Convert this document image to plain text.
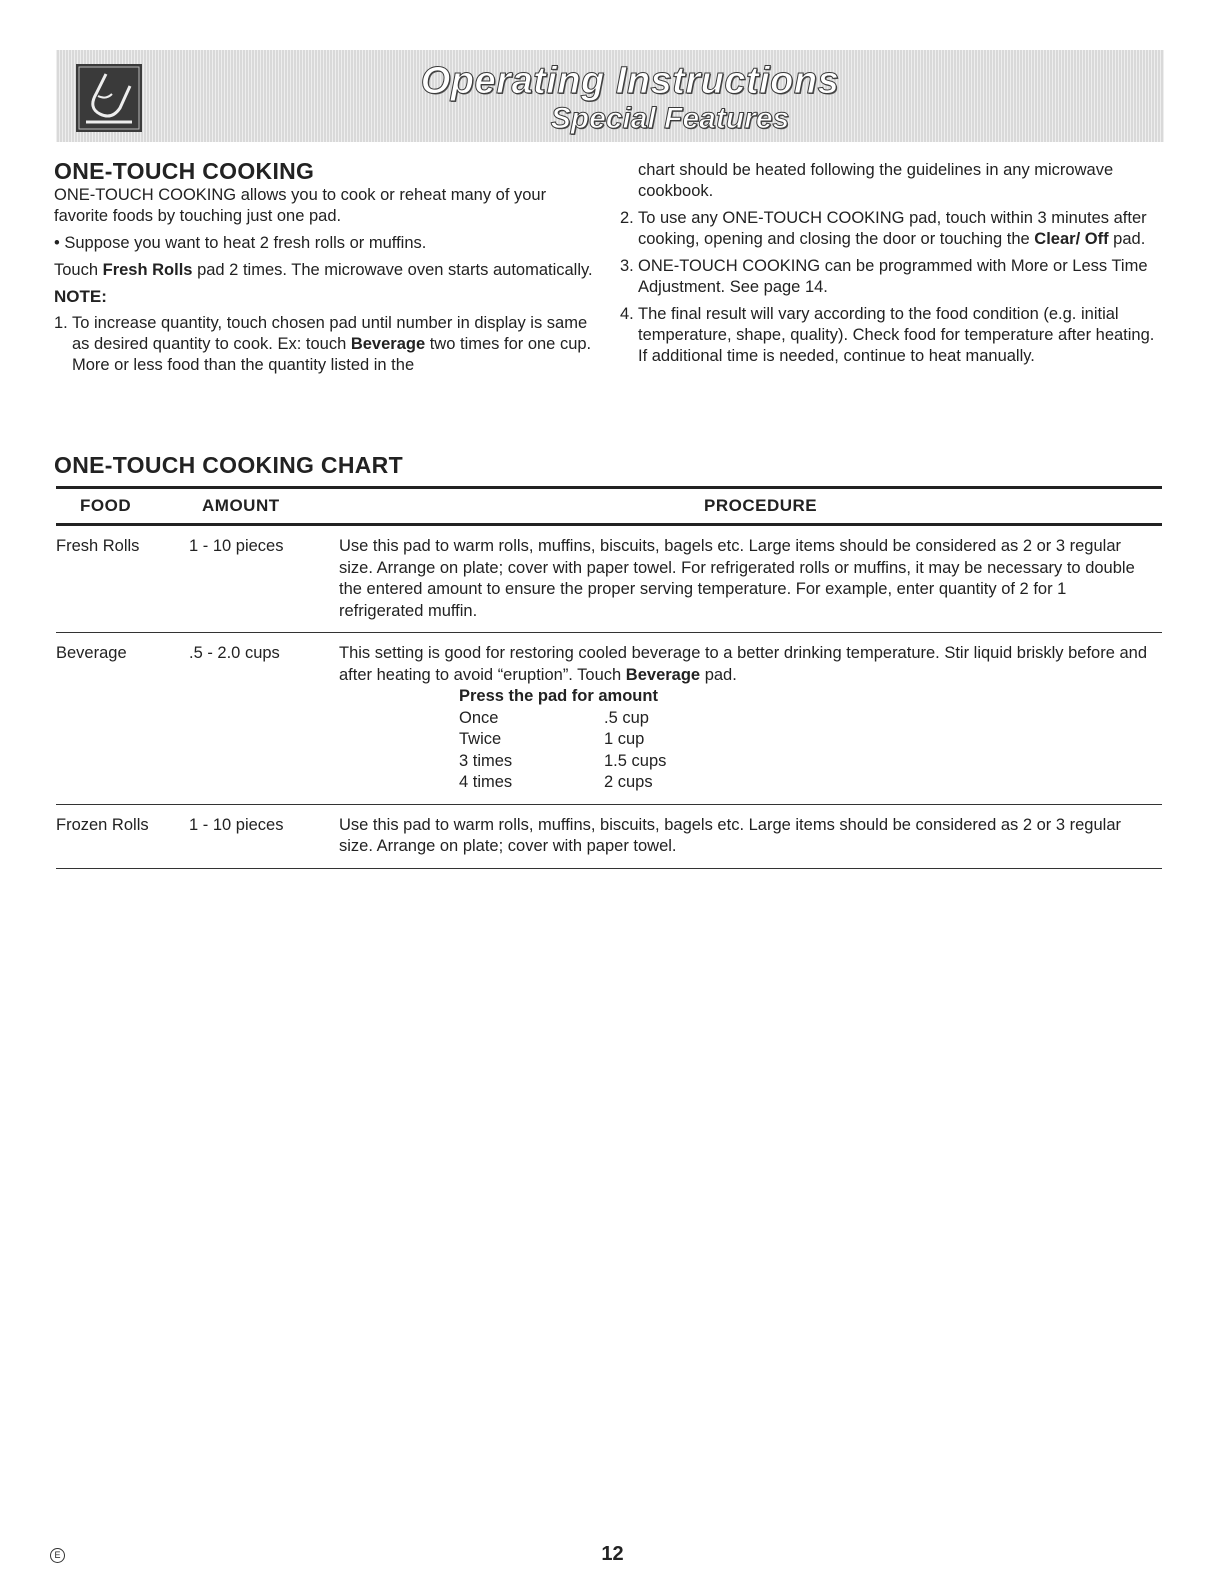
Operating Instructions
Special Features
ONE-TOUCH COOKING

ONE-TOUCH COOKING allows you to cook or reheat many of your favorite foods by touching just one pad.

• Suppose you want to heat 2 fresh rolls or muffins.

Touch Fresh Rolls pad 2 times. The microwave oven starts automatically.

NOTE:
1. To increase quantity, touch chosen pad until number in display is same as desired quantity to cook. Ex: touch Beverage two times for one cup. More or less food than the quantity listed in the
chart should be heated following the guidelines in any microwave cookbook.
2. To use any ONE-TOUCH COOKING pad, touch within 3 minutes after cooking, opening and closing the door or touching the Clear/ Off pad.
3. ONE-TOUCH COOKING can be programmed with More or Less Time Adjustment. See page 14.
4. The final result will vary according to the food condition (e.g. initial temperature, shape, quality). Check food for temperature after heating. If additional time is needed, continue to heat manually.
ONE-TOUCH COOKING CHART
FOOD	AMOUNT	PROCEDURE
Fresh Rolls	1 - 10 pieces	Use this pad to warm rolls, muffins, biscuits, bagels etc. Large items should be considered as 2 or 3 regular size. Arrange on plate; cover with paper towel. For refrigerated rolls or muffins, it may be necessary to double the entered amount to ensure the proper serving temperature. For example, enter quantity of 2 for 1 refrigerated muffin.
Beverage	.5 - 2.0 cups	This setting is good for restoring cooled beverage to a better drinking temperature. Stir liquid briskly before and after heating to avoid “eruption”. Touch Beverage pad.
Press the pad for amount
Once	.5 cup
Twice	1 cup
3 times	1.5 cups
4 times	2 cups
Frozen Rolls 1 - 10 pieces	Use this pad to warm rolls, muffins, biscuits, bagels etc. Large items should be considered as 2 or 3 regular size. Arrange on plate; cover with paper towel.
E	12
